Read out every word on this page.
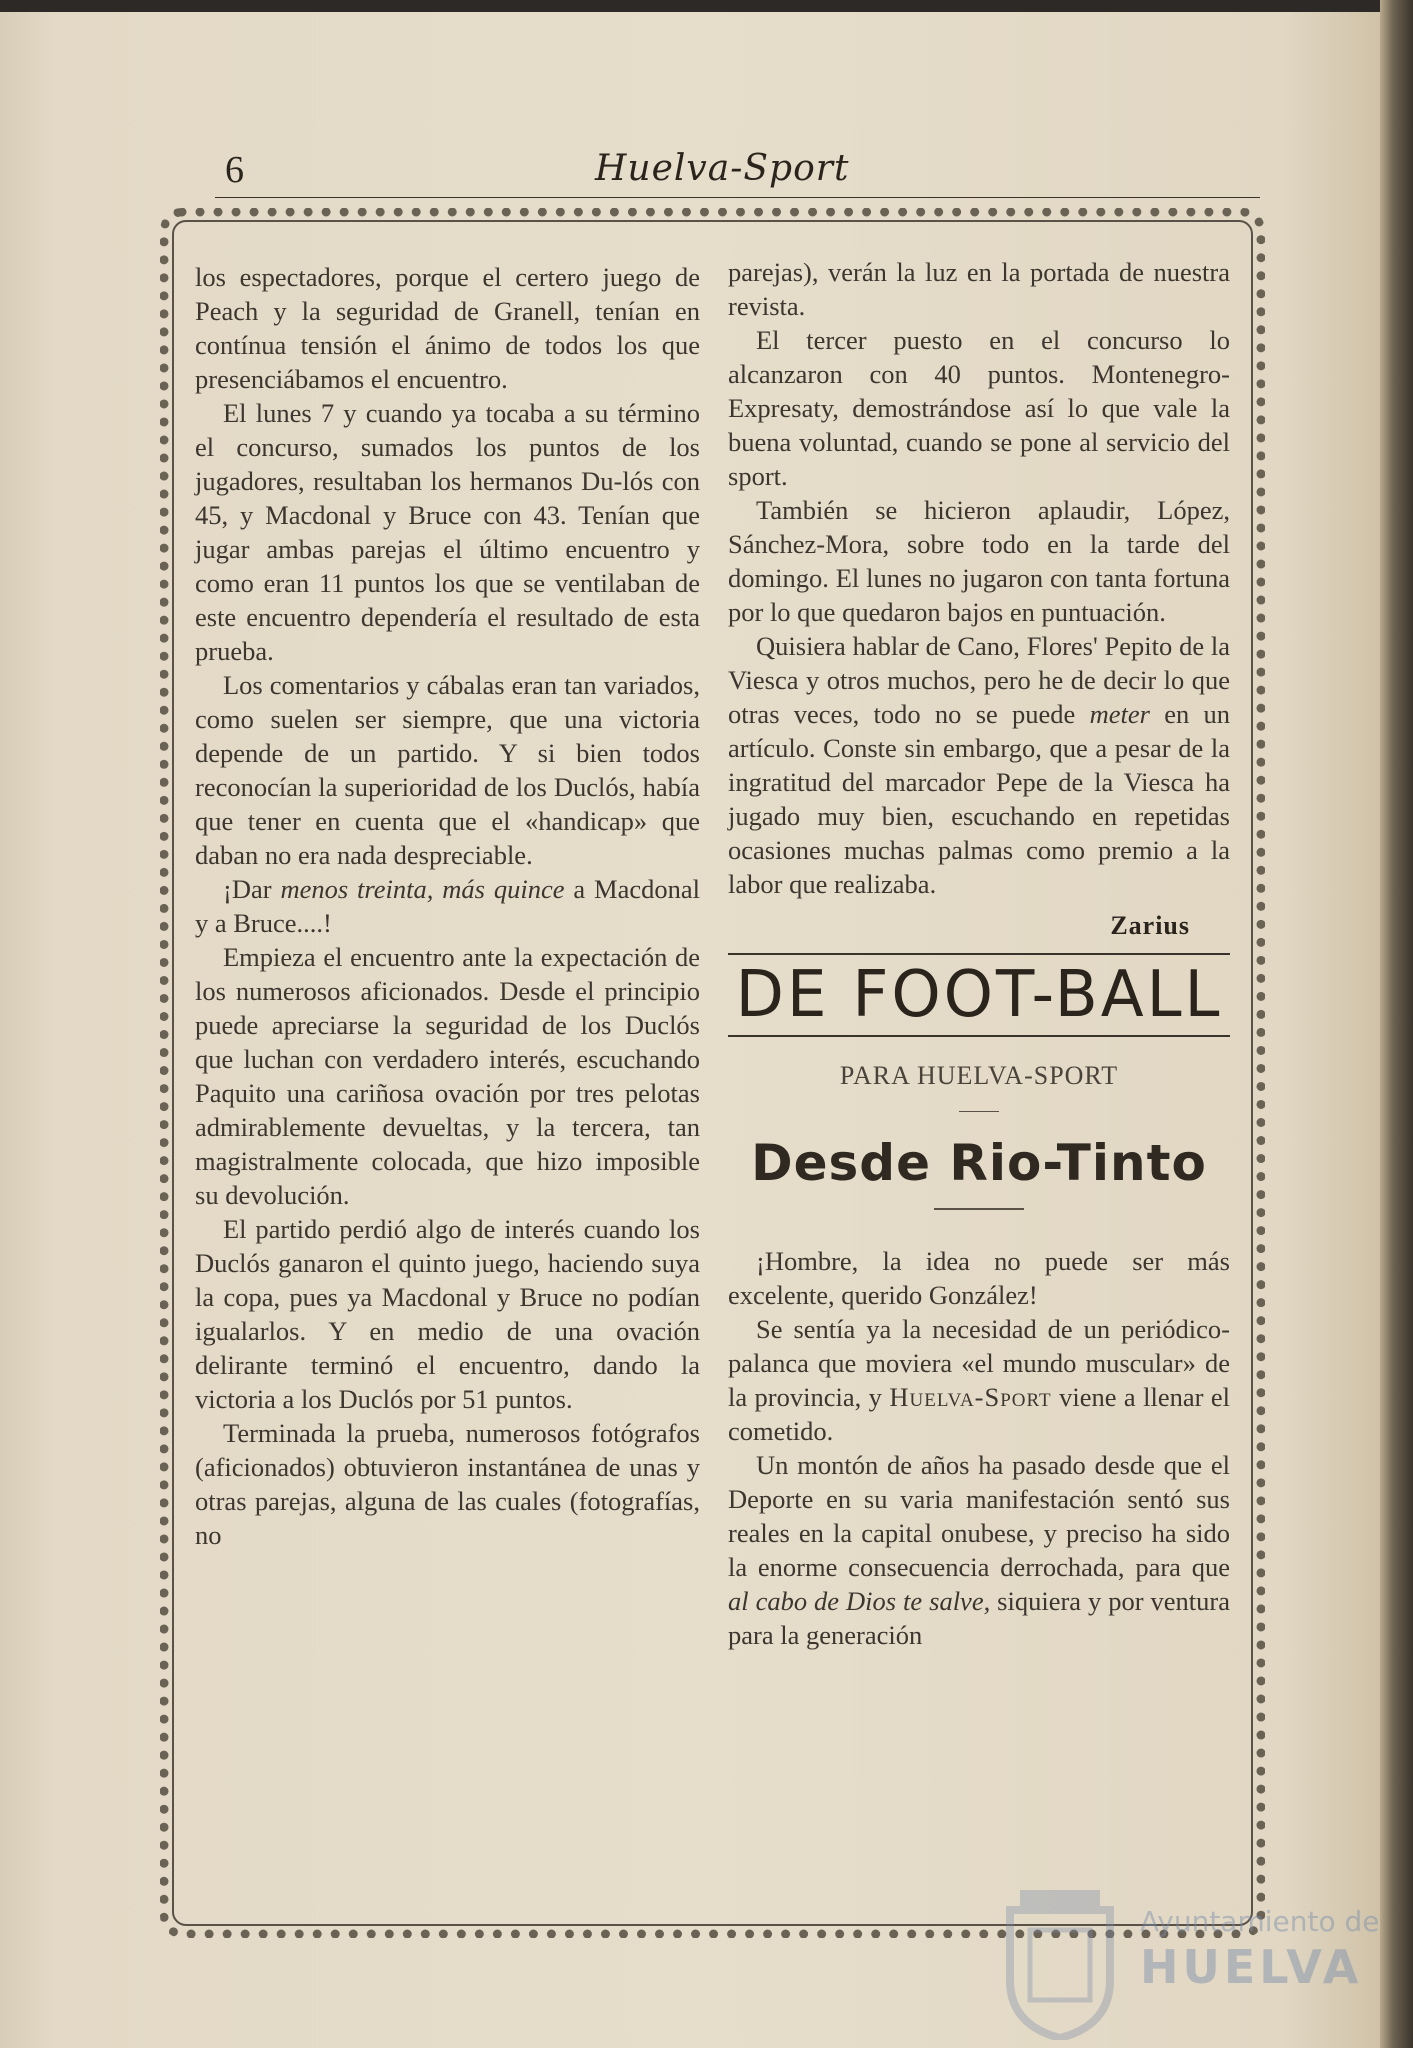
6	Huelva-Sport

los espectadores, porque el certero juego de Peach y la seguridad de Granell, tenían en contínua tensión el ánimo de todos los que presenciábamos el encuentro.

El lunes 7 y cuando ya tocaba a su término el concurso, sumados los puntos de los jugadores, resultaban los hermanos Du-lós con 45, y Macdonal y Bruce con 43. Tenían que jugar ambas parejas el último encuentro y como eran 11 puntos los que se ventilaban de este encuentro dependería el resultado de esta prueba.

Los comentarios y cábalas eran tan variados, como suelen ser siempre, que una victoria depende de un partido. Y si bien todos reconocían la superioridad de los Duclós, había que tener en cuenta que el «handicap» que daban no era nada despreciable.

¡Dar menos treinta, más quince a Macdonal y a Bruce....!

Empieza el encuentro ante la expectación de los numerosos aficionados. Desde el principio puede apreciarse la seguridad de los Duclós que luchan con verdadero interés, escuchando Paquito una cariñosa ovación por tres pelotas admirablemente devueltas, y la tercera, tan magistralmente colocada, que hizo imposible su devolución.

El partido perdió algo de interés cuando los Duclós ganaron el quinto juego, haciendo suya la copa, pues ya Macdonal y Bruce no podían igualarlos. Y en medio de una ovación delirante terminó el encuentro, dando la victoria a los Duclós por 51 puntos.

Terminada la prueba, numerosos fotógrafos (aficionados) obtuvieron instantánea de unas y otras parejas, alguna de las cuales (fotografías, no

parejas), verán la luz en la portada de nuestra revista.

El tercer puesto en el concurso lo alcanzaron con 40 puntos. Montenegro-Expresaty, demostrándose así lo que vale la buena voluntad, cuando se pone al servicio del sport.

También se hicieron aplaudir, López, Sánchez-Mora, sobre todo en la tarde del domingo. El lunes no jugaron con tanta fortuna por lo que quedaron bajos en puntuación.

Quisiera hablar de Cano, Flores' Pepito de la Viesca y otros muchos, pero he de decir lo que otras veces, todo no se puede meter en un artículo. Conste sin embargo, que a pesar de la ingratitud del marcador Pepe de la Viesca ha jugado muy bien, escuchando en repetidas ocasiones muchas palmas como premio a la labor que realizaba.

Zarius
DE FOOT-BALL
PARA HUELVA-SPORT
Desde Rio-Tinto

¡Hombre, la idea no puede ser más excelente, querido González!

Se sentía ya la necesidad de un periódico-palanca que moviera «el mundo muscular» de la provincia, y Huelva-Sport viene a llenar el cometido.

Un montón de años ha pasado desde que el Deporte en su varia manifestación sentó sus reales en la capital onubese, y preciso ha sido la enorme consecuencia derrochada, para que al cabo de Dios te salve, siquiera y por ventura para la generación

Ayuntamiento de
HUELVA
